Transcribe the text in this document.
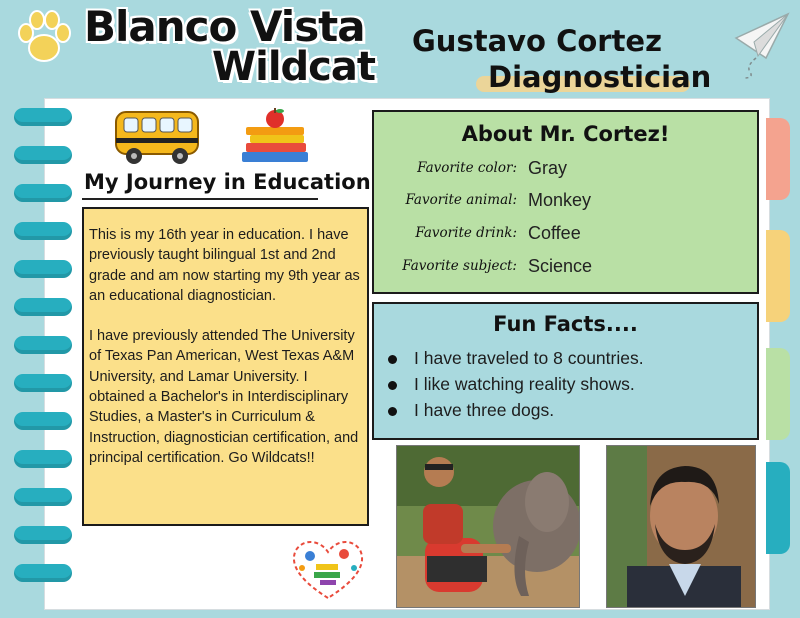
Blanco Vista
Wildcat
Gustavo Cortez
Diagnostician
My Journey in Education

This is my 16th year in education. I have previously taught bilingual 1st and 2nd grade and am now starting my 9th year as an educational diagnostician.

I have previously attended The University of Texas Pan American, West Texas A&M University, and Lamar University. I obtained a Bachelor's in Interdisciplinary Studies, a Master's in Curriculum & Instruction, diagnostician certification, and principal certification. Go Wildcats!!

About Mr. Cortez!
Favorite color: Gray
Favorite animal: Monkey
Favorite drink: Coffee
Favorite subject: Science
Fun Facts....
I have traveled to 8 countries.
I like watching reality shows.
I have three dogs.
